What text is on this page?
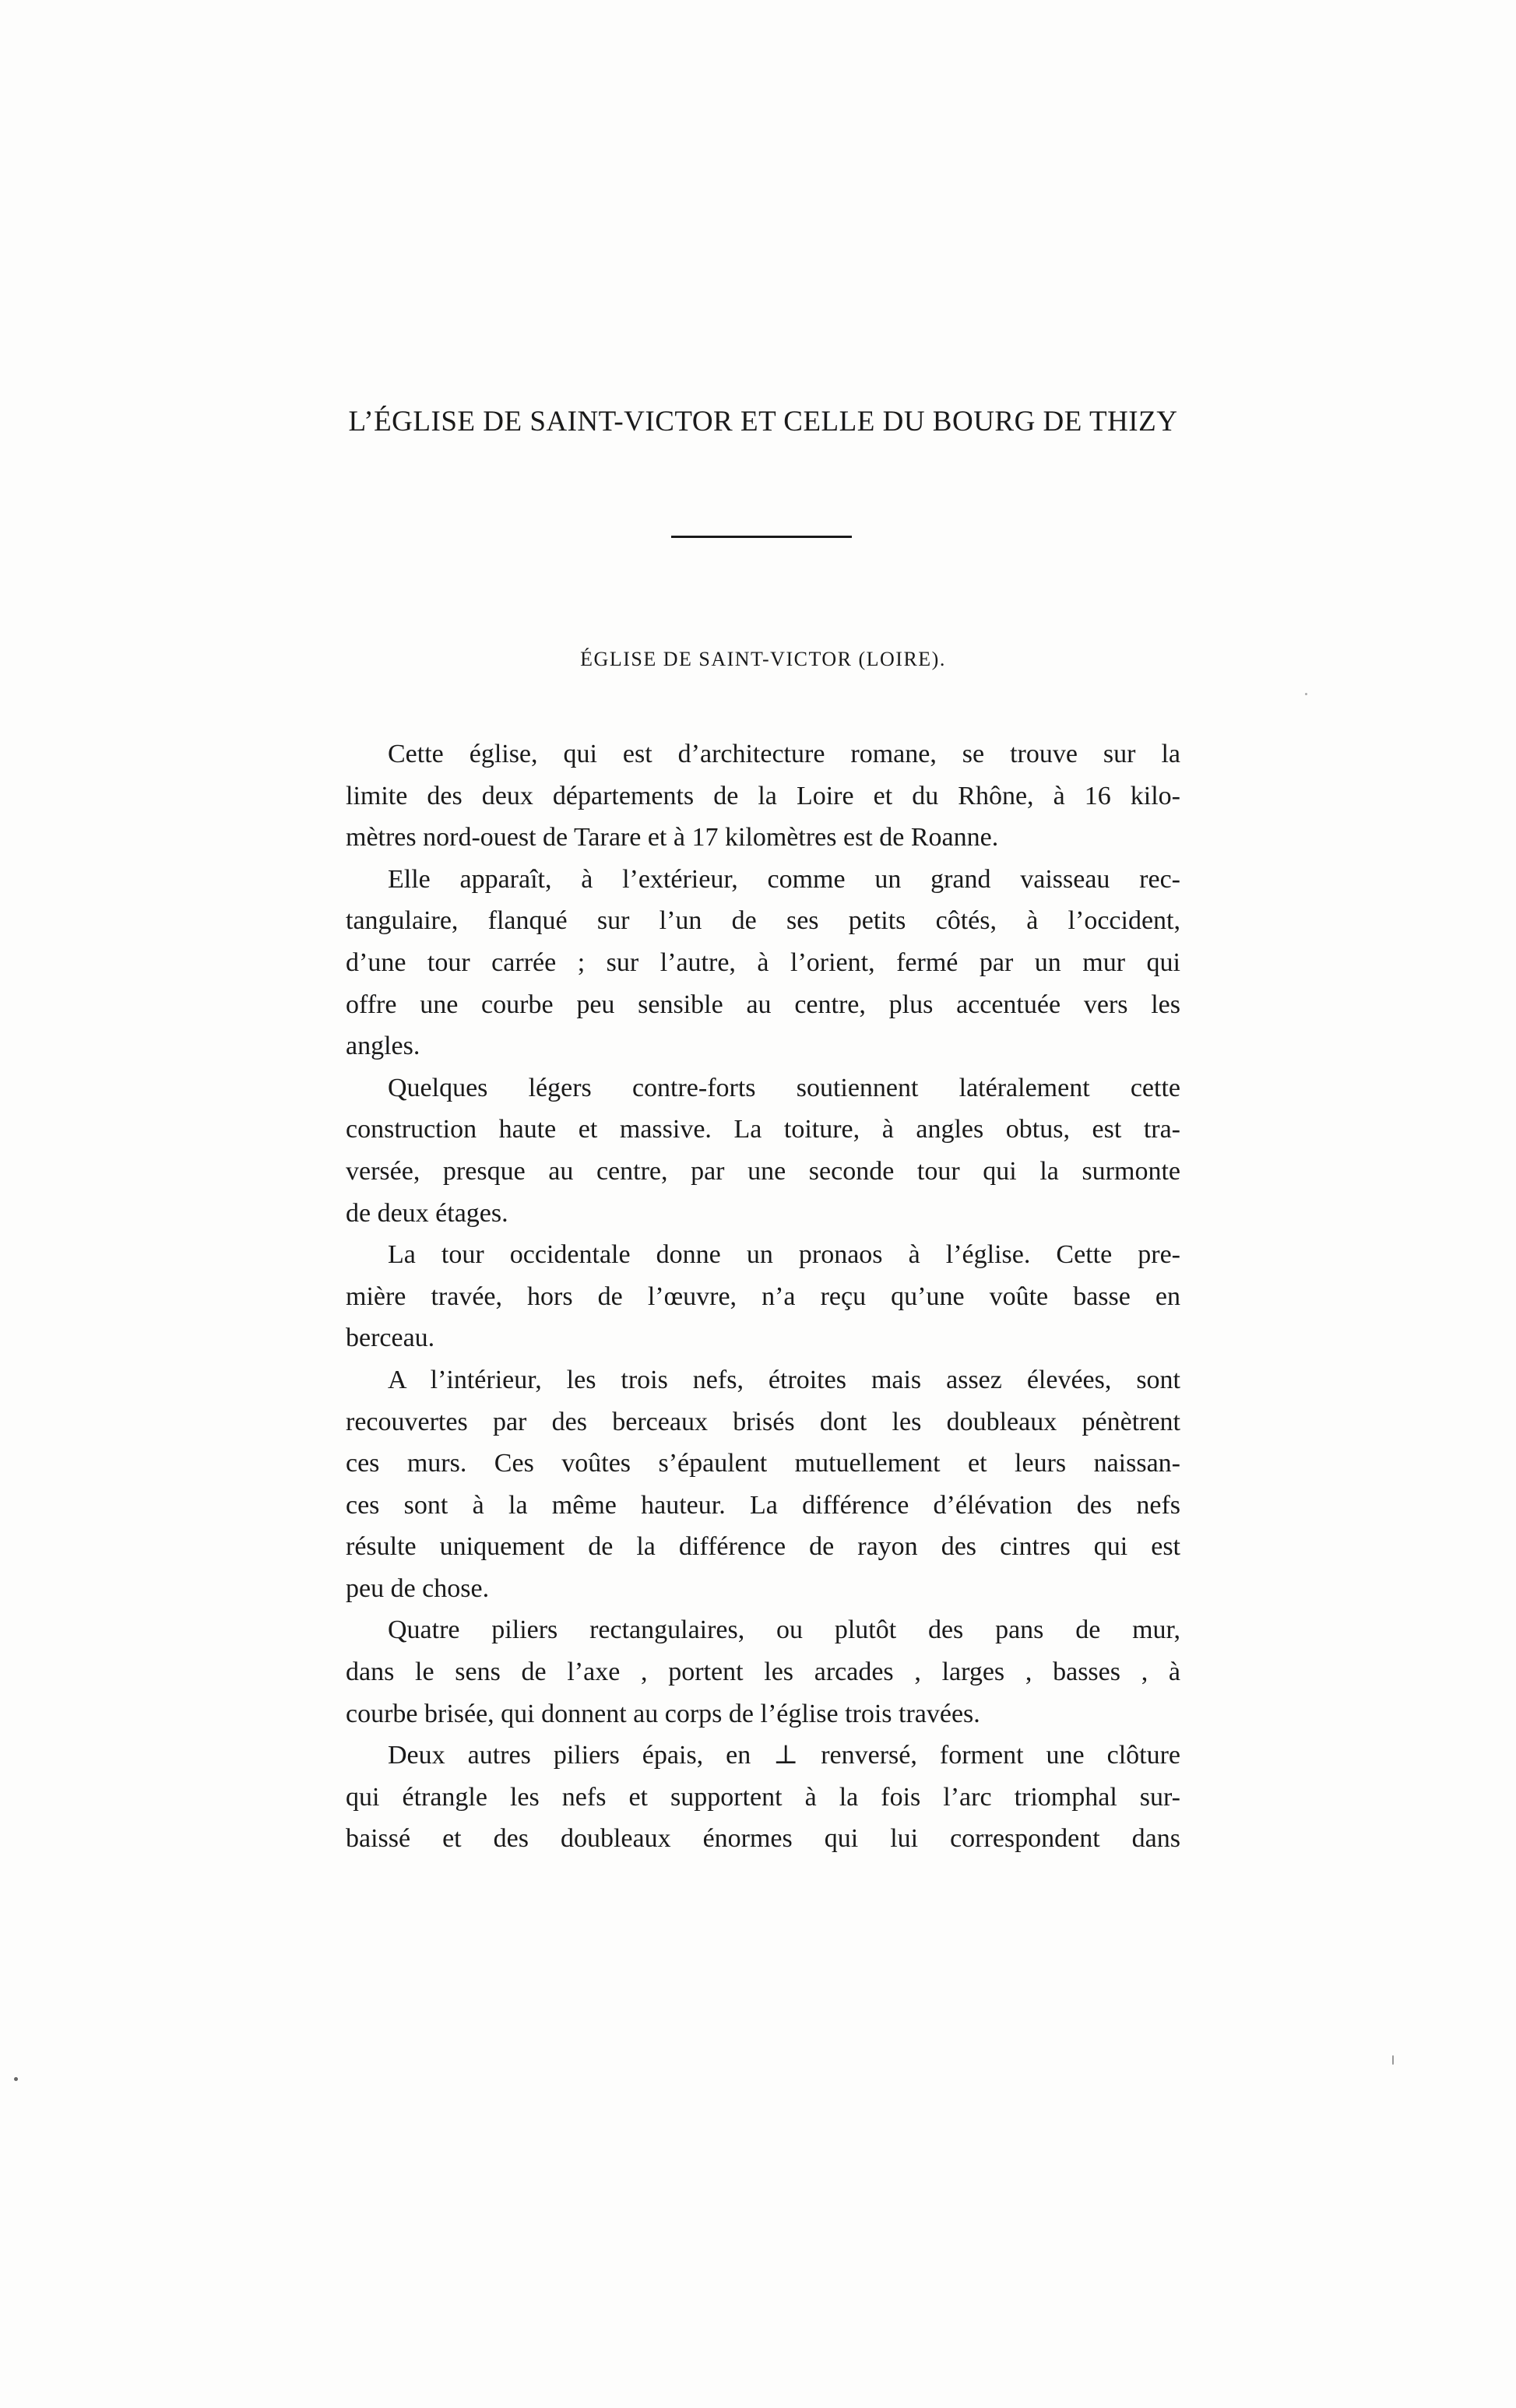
L’ÉGLISE DE SAINT-VICTOR ET CELLE DU BOURG DE THIZY
ÉGLISE DE SAINT-VICTOR (LOIRE).
Cette église, qui est d’architecture romane, se trouve sur la
limite des deux départements de la Loire et du Rhône, à 16 kilo-
mètres nord-ouest de Tarare et à 17 kilomètres est de Roanne.
Elle apparaît, à l’extérieur, comme un grand vaisseau rec-
tangulaire, flanqué sur l’un de ses petits côtés, à l’occident,
d’une tour carrée ; sur l’autre, à l’orient, fermé par un mur qui
offre une courbe peu sensible au centre, plus accentuée vers les
angles.
Quelques légers contre-forts soutiennent latéralement cette
construction haute et massive. La toiture, à angles obtus, est tra-
versée, presque au centre, par une seconde tour qui la surmonte
de deux étages.
La tour occidentale donne un pronaos à l’église. Cette pre-
mière travée, hors de l’œuvre, n’a reçu qu’une voûte basse en
berceau.
A l’intérieur, les trois nefs, étroites mais assez élevées, sont
recouvertes par des berceaux brisés dont les doubleaux pénètrent
ces murs. Ces voûtes s’épaulent mutuellement et leurs naissan-
ces sont à la même hauteur. La différence d’élévation des nefs
résulte uniquement de la différence de rayon des cintres qui est
peu de chose.
Quatre piliers rectangulaires, ou plutôt des pans de mur,
dans le sens de l’axe , portent les arcades , larges , basses , à
courbe brisée, qui donnent au corps de l’église trois travées.
Deux autres piliers épais, en ⊥ renversé, forment une clôture
qui étrangle les nefs et supportent à la fois l’arc triomphal sur-
baissé et des doubleaux énormes qui lui correspondent dans
